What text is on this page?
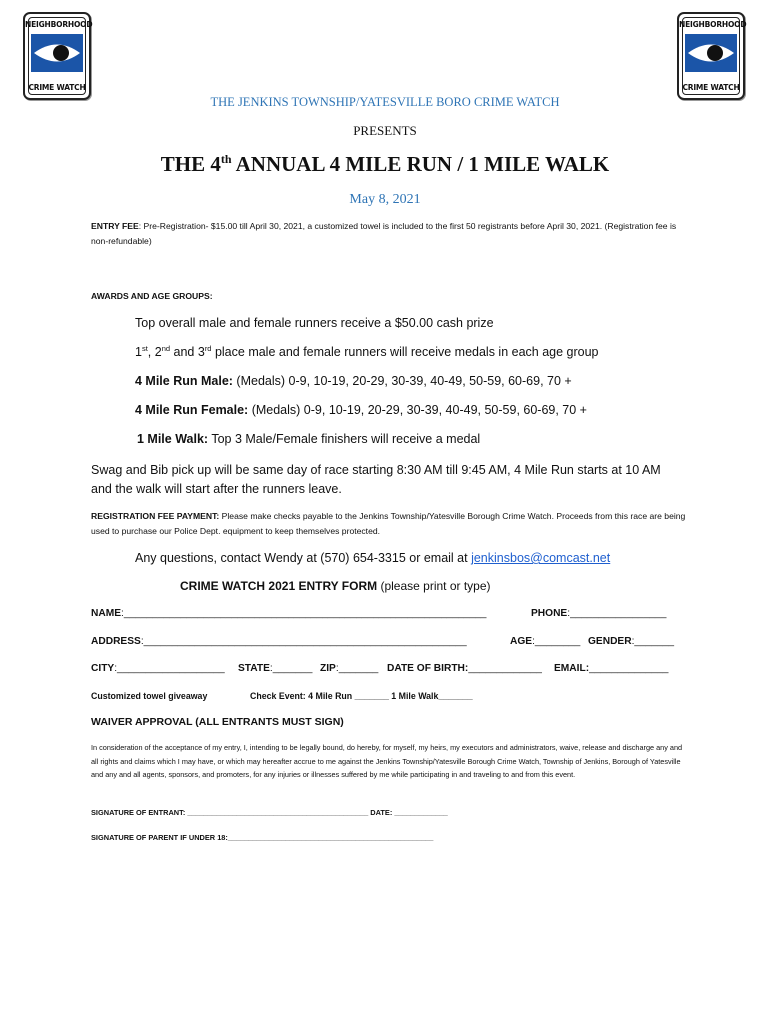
NEIGHBORHOOD
CRIME WATCH
NEIGHBORHOOD
CRIME WATCH
THE JENKINS TOWNSHIP/YATESVILLE BORO CRIME WATCH
PRESENTS
THE 4th ANNUAL 4 MILE RUN / 1 MILE WALK
May 8, 2021
ENTRY FEE: Pre-Registration- $15.00 till April 30, 2021, a customized towel is included to the first 50 registrants before April 30, 2021. (Registration fee is non-refundable)
AWARDS AND AGE GROUPS:
Top overall male and female runners receive a $50.00 cash prize
1st, 2nd and 3rd place male and female runners will receive medals in each age group
4 Mile Run Male: (Medals) 0-9, 10-19, 20-29, 30-39, 40-49, 50-59, 60-69, 70 +
4 Mile Run Female: (Medals) 0-9, 10-19, 20-29, 30-39, 40-49, 50-59, 60-69, 70 +
1 Mile Walk: Top 3 Male/Female finishers will receive a medal
Swag and Bib pick up will be same day of race starting 8:30 AM till 9:45 AM, 4 Mile Run starts at 10 AM and the walk will start after the runners leave.
REGISTRATION FEE PAYMENT: Please make checks payable to the Jenkins Township/Yatesville Borough Crime Watch. Proceeds from this race are being used to purchase our Police Dept. equipment to keep themselves protected.
Any questions, contact Wendy at (570) 654-3315 or email at jenkinsbos@comcast.net
CRIME WATCH 2021 ENTRY FORM (please print or type)
NAME:________________________________________________________________	PHONE:_________________
ADDRESS:_________________________________________________________	AGE:________ GENDER:_______
CITY:___________________ STATE:_______ ZIP:_______ DATE OF BIRTH:_____________ EMAIL:______________
Customized towel giveaway	Check Event: 4 Mile Run _______ 1 Mile Walk_______
WAIVER APPROVAL (ALL ENTRANTS MUST SIGN)
In consideration of the acceptance of my entry, I, intending to be legally bound, do hereby, for myself, my heirs, my executors and administrators, waive, release and discharge any and all rights and claims which I may have, or which may hereafter accrue to me against the Jenkins Township/Yatesville Borough Crime Watch, Township of Jenkins, Borough of Yatesville and any and all agents, sponsors, and promoters, for any injuries or illnesses suffered by me while participating in and traveling to and from this event.
SIGNATURE OF ENTRANT: ____________________________________________ DATE: _____________
SIGNATURE OF PARENT IF UNDER 18:__________________________________________________
